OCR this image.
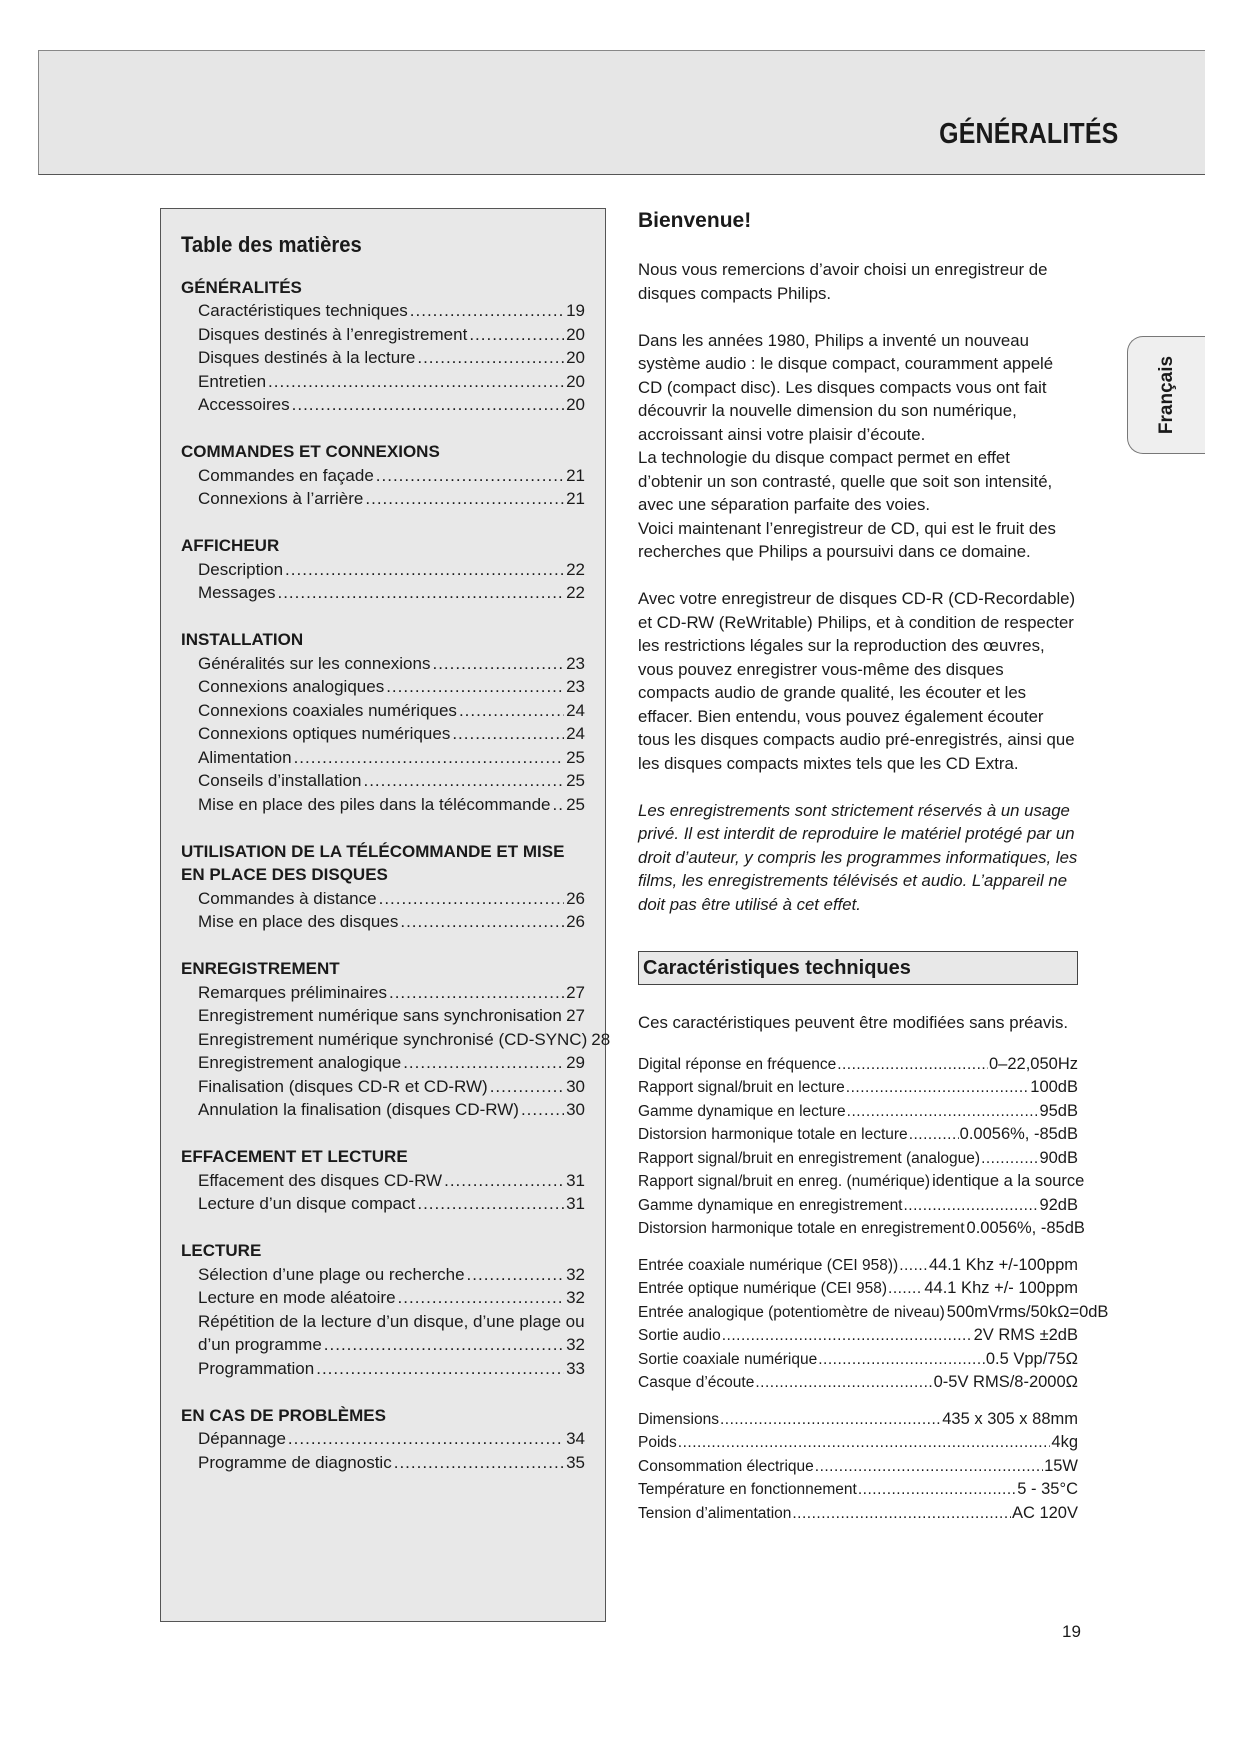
GÉNÉRALITÉS
Français
Table des matières
GÉNÉRALITÉS
Caractéristiques techniques .....	19
Disques destinés à l’enregistrement .....	20
Disques destinés à la lecture .....	20
Entretien .....	20
Accessoires .....	20
COMMANDES ET CONNEXIONS
Commandes en façade .....	21
Connexions à l’arrière .....	21
AFFICHEUR
Description .....	22
Messages .....	22
INSTALLATION
Généralités sur les connexions .....	23
Connexions analogiques .....	23
Connexions coaxiales numériques .....	24
Connexions optiques numériques .....	24
Alimentation .....	25
Conseils d’installation .....	25
Mise en place des piles dans la télécommande ..... 25
UTILISATION DE LA TÉLÉCOMMANDE ET MISE EN PLACE DES DISQUES
Commandes à distance .....	26
Mise en place des disques .....	26
ENREGISTREMENT
Remarques préliminaires .....	27
Enregistrement numérique sans synchronisation ..... 27
Enregistrement numérique synchronisé (CD-SYNC) 28
Enregistrement analogique .....	29
Finalisation (disques CD-R et CD-RW) .....	30
Annulation la finalisation (disques CD-RW) .....	30
EFFACEMENT ET LECTURE
Effacement des disques CD-RW .....	31
Lecture d’un disque compact .....	31
LECTURE
Sélection d’une plage ou recherche .....	32
Lecture en mode aléatoire .....	32
Répétition de la lecture d’un disque, d’une plage ou
d’un programme .....	32
Programmation .....	33
EN CAS DE PROBLÈMES
Dépannage .....	34
Programme de diagnostic .....	35
Bienvenue!

Nous vous remercions d’avoir choisi un enregistreur de disques compacts Philips.

Dans les années 1980, Philips a inventé un nouveau système audio : le disque compact, couramment appelé CD (compact disc). Les disques compacts vous ont fait découvrir la nouvelle dimension du son numérique, accroissant ainsi votre plaisir d’écoute.

La technologie du disque compact permet en effet d’obtenir un son contrasté, quelle que soit son intensité, avec une séparation parfaite des voies.

Voici maintenant l’enregistreur de CD, qui est le fruit des recherches que Philips a poursuivi dans ce domaine.

Avec votre enregistreur de disques CD-R (CD-Recordable) et CD-RW (ReWritable) Philips, et à condition de respecter les restrictions légales sur la reproduction des œuvres, vous pouvez enregistrer vous-même des disques compacts audio de grande qualité, les écouter et les effacer. Bien entendu, vous pouvez également écouter tous les disques compacts audio pré-enregistrés, ainsi que les disques compacts mixtes tels que les CD Extra.

Les enregistrements sont strictement réservés à un usage privé. Il est interdit de reproduire le matériel protégé par un droit d’auteur, y compris les programmes informatiques, les films, les enregistrements télévisés et audio. L’appareil ne doit pas être utilisé à cet effet.
Caractéristiques techniques
Ces caractéristiques peuvent être modifiées sans préavis.
Digital réponse en fréquence .....	0–22,050Hz
Rapport signal/bruit en lecture .....	100dB
Gamme dynamique en lecture .....	95dB
Distorsion harmonique totale en lecture .....	0.0056%, -85dB
Rapport signal/bruit en enregistrement (analogue) .....	90dB
Rapport signal/bruit en enreg. (numérique) identique a la source
Gamme dynamique en enregistrement .....	92dB
Distorsion harmonique totale en enregistrement 0.0056%, -85dB
Entrée coaxiale numérique (CEI 958)) ..... 44.1 Khz +/-100ppm
Entrée optique numérique (CEI 958) ..... 44.1 Khz +/- 100ppm
Entrée analogique (potentiomètre de niveau) 500mVrms/50kΩ=0dB
Sortie audio .....	2V RMS ±2dB
Sortie coaxiale numérique .....	0.5 Vpp/75Ω
Casque d’écoute .....	0-5V RMS/8-2000Ω
Dimensions .....	435 x 305 x 88mm
Poids .....	4kg
Consommation électrique .....	15W
Température en fonctionnement .....	5 - 35°C
Tension d’alimentation .....	AC 120V
19
